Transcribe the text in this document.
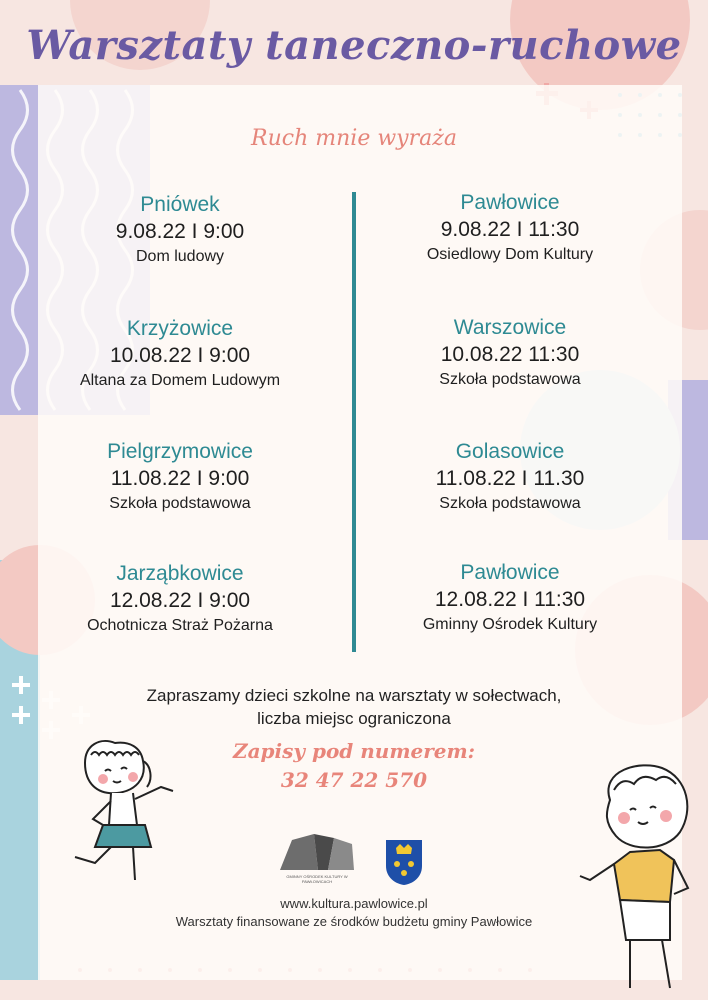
Warsztaty taneczno-ruchowe
Ruch mnie wyraża
Pniówek
9.08.22 I 9:00
Dom ludowy
Krzyżowice
10.08.22 I 9:00
Altana za Domem Ludowym
Pielgrzymowice
11.08.22 I 9:00
Szkoła podstawowa
Jarząbkowice
12.08.22 I 9:00
Ochotnicza Straż Pożarna
Pawłowice
9.08.22 I 11:30
Osiedlowy Dom Kultury
Warszowice
10.08.22 11:30
Szkoła podstawowa
Golasowice
11.08.22 I 11.30
Szkoła podstawowa
Pawłowice
12.08.22 I 11:30
Gminny Ośrodek Kultury
Zapraszamy dzieci szkolne na warsztaty w sołectwach,
liczba miejsc ograniczona
Zapisy pod numerem:
32 47 22 570
GMINNY OŚRODEK KULTURY W PAWŁOWICACH
www.kultura.pawlowice.pl
Warsztaty finansowane ze środków budżetu gminy Pawłowice
